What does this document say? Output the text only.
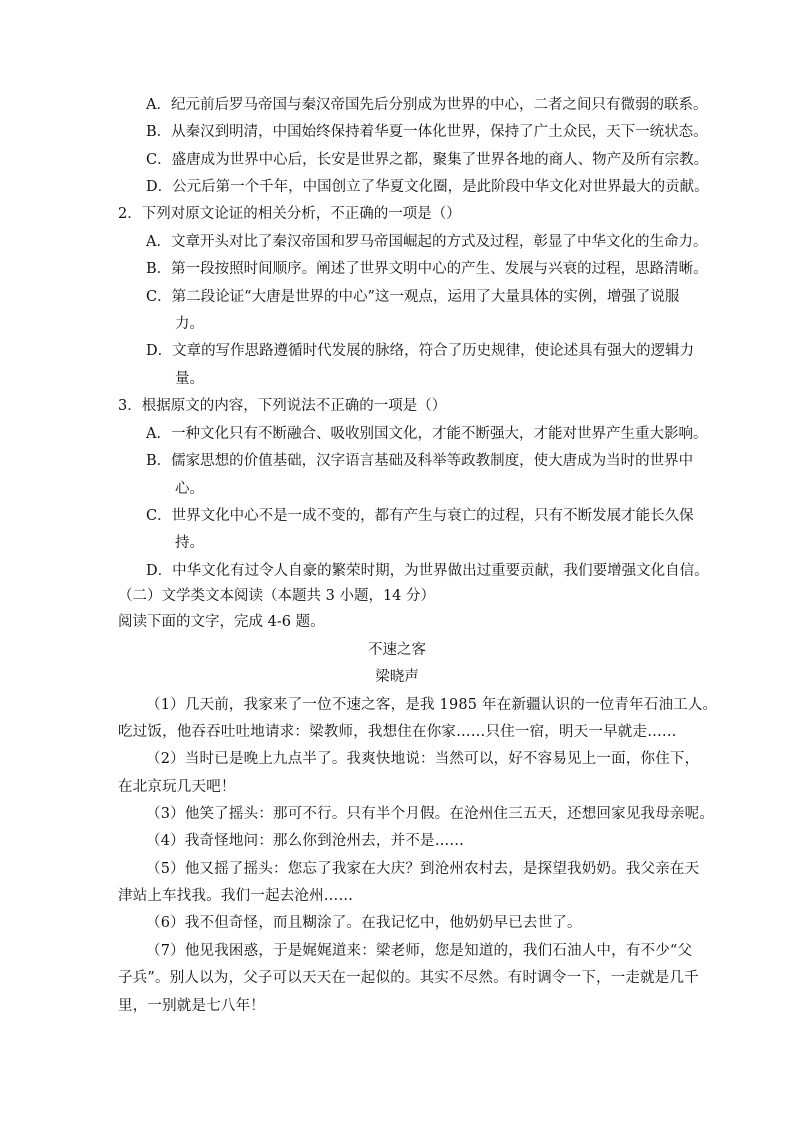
A．纪元前后罗马帝国与秦汉帝国先后分别成为世界的中心，二者之间只有微弱的联系。
B．从秦汉到明清，中国始终保持着华夏一体化世界，保持了广土众民，天下一统状态。
C．盛唐成为世界中心后，长安是世界之都，聚集了世界各地的商人、物产及所有宗教。
D．公元后第一个千年，中国创立了华夏文化圈，是此阶段中华文化对世界最大的贡献。
2．下列对原文论证的相关分析，不正确的一项是（）
A．文章开头对比了秦汉帝国和罗马帝国崛起的方式及过程，彰显了中华文化的生命力。
B．第一段按照时间顺序。阐述了世界文明中心的产生、发展与兴衰的过程，思路清晰。
C．第二段论证“大唐是世界的中心”这一观点，运用了大量具体的实例，增强了说服
力。
D．文章的写作思路遵循时代发展的脉络，符合了历史规律，使论述具有强大的逻辑力
量。
3．根据原文的内容，下列说法不正确的一项是（）
A．一种文化只有不断融合、吸收别国文化，才能不断强大，才能对世界产生重大影响。
B．儒家思想的价值基础，汉字语言基础及科举等政教制度，使大唐成为当时的世界中
心。
C．世界文化中心不是一成不变的，都有产生与衰亡的过程，只有不断发展才能长久保
持。
D．中华文化有过令人自豪的繁荣时期，为世界做出过重要贡献，我们要增强文化自信。
（二）文学类文本阅读（本题共 3 小题，14 分）
阅读下面的文字，完成 4-6 题。
不速之客
梁晓声
（1）几天前，我家来了一位不速之客，是我 1985 年在新疆认识的一位青年石油工人。
吃过饭，他吞吞吐吐地请求：梁教师，我想住在你家……只住一宿，明天一早就走……
（2）当时已是晚上九点半了。我爽快地说：当然可以，好不容易见上一面，你住下，
在北京玩几天吧！
（3）他笑了摇头：那可不行。只有半个月假。在沧州住三五天，还想回家见我母亲呢。
（4）我奇怪地问：那么你到沧州去，并不是……
（5）他又摇了摇头：您忘了我家在大庆？到沧州农村去，是探望我奶奶。我父亲在天
津站上车找我。我们一起去沧州……
（6）我不但奇怪，而且糊涂了。在我记忆中，他奶奶早已去世了。
（7）他见我困惑，于是娓娓道来：梁老师，您是知道的，我们石油人中，有不少“父
子兵”。别人以为，父子可以天天在一起似的。其实不尽然。有时调令一下，一走就是几千
里，一别就是七八年！
